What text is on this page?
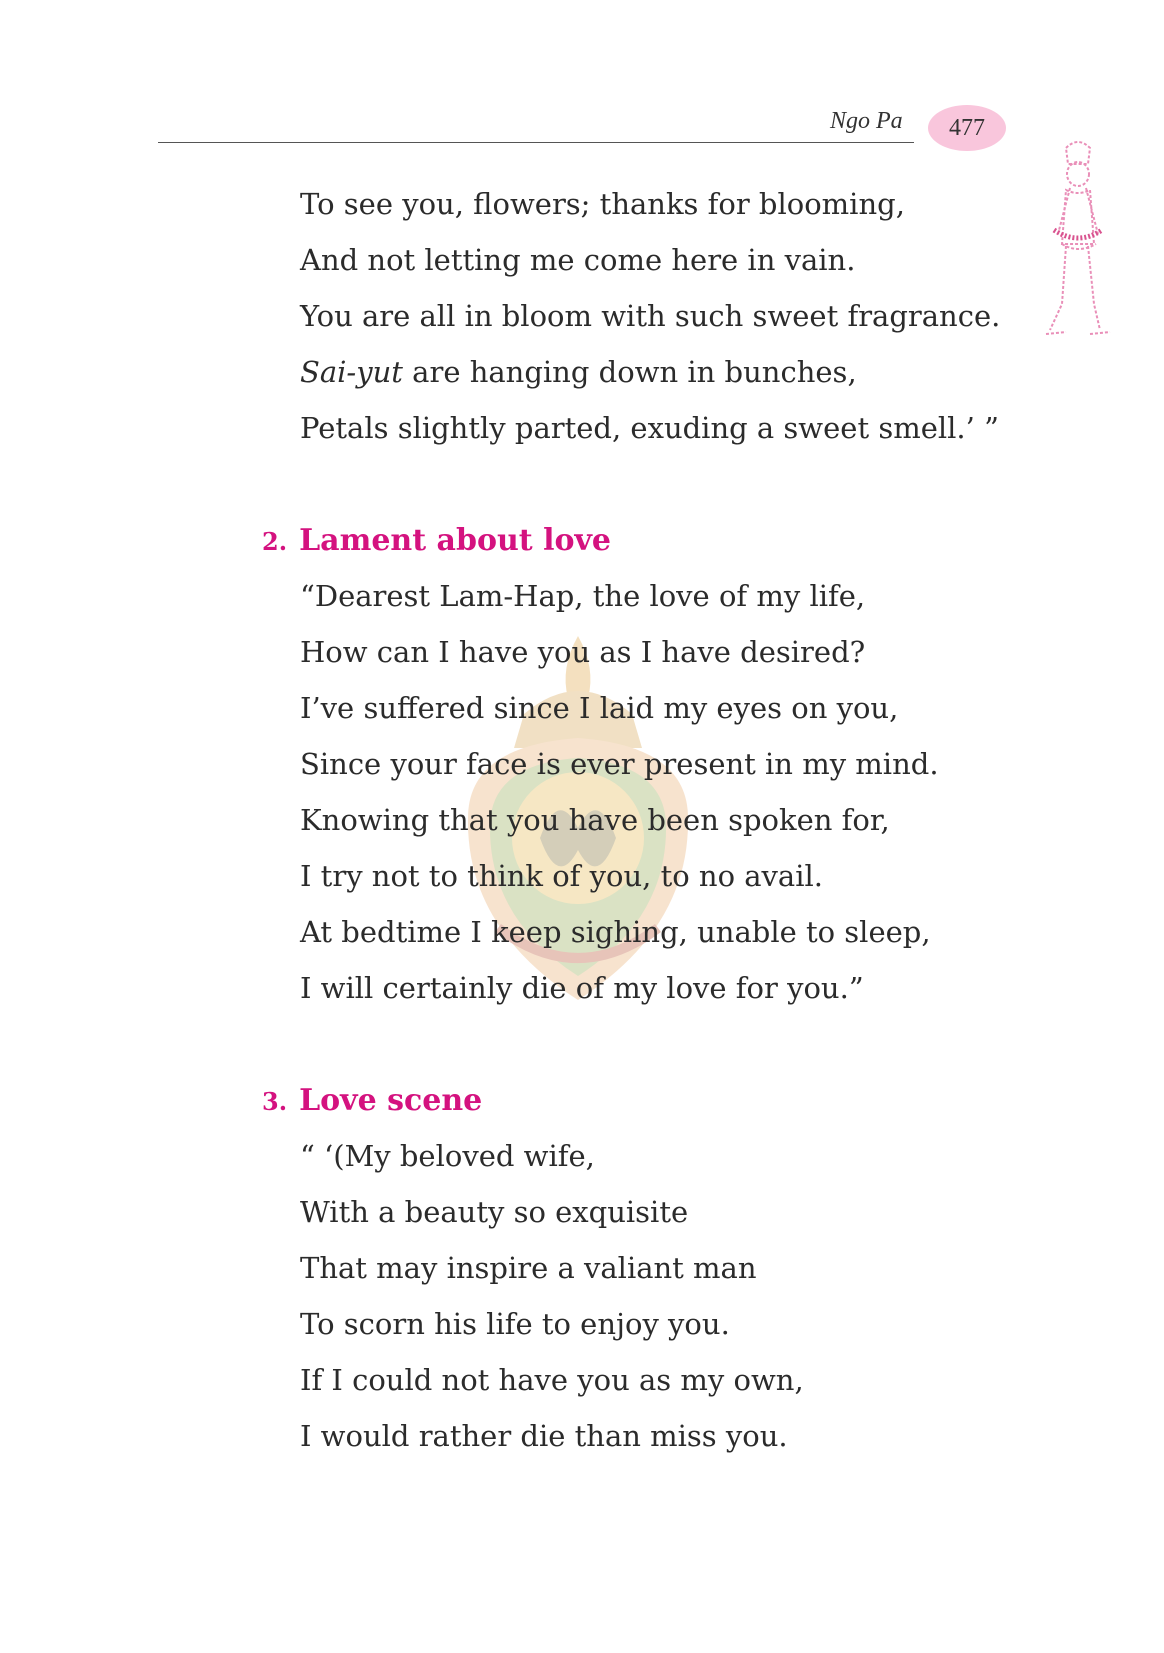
Ngo Pa	477
To see you, flowers; thanks for blooming,
And not letting me come here in vain.
You are all in bloom with such sweet fragrance.
Sai-yut are hanging down in bunches,
Petals slightly parted, exuding a sweet smell.’ ”
2. Lament about love
“Dearest Lam-Hap, the love of my life,
How can I have you as I have desired?
I’ve suffered since I laid my eyes on you,
Since your face is ever present in my mind.
Knowing that you have been spoken for,
I try not to think of you, to no avail.
At bedtime I keep sighing, unable to sleep,
I will certainly die of my love for you.”
3. Love scene
“ ‘(My beloved wife,
With a beauty so exquisite
That may inspire a valiant man
To scorn his life to enjoy you.
If I could not have you as my own,
I would rather die than miss you.
